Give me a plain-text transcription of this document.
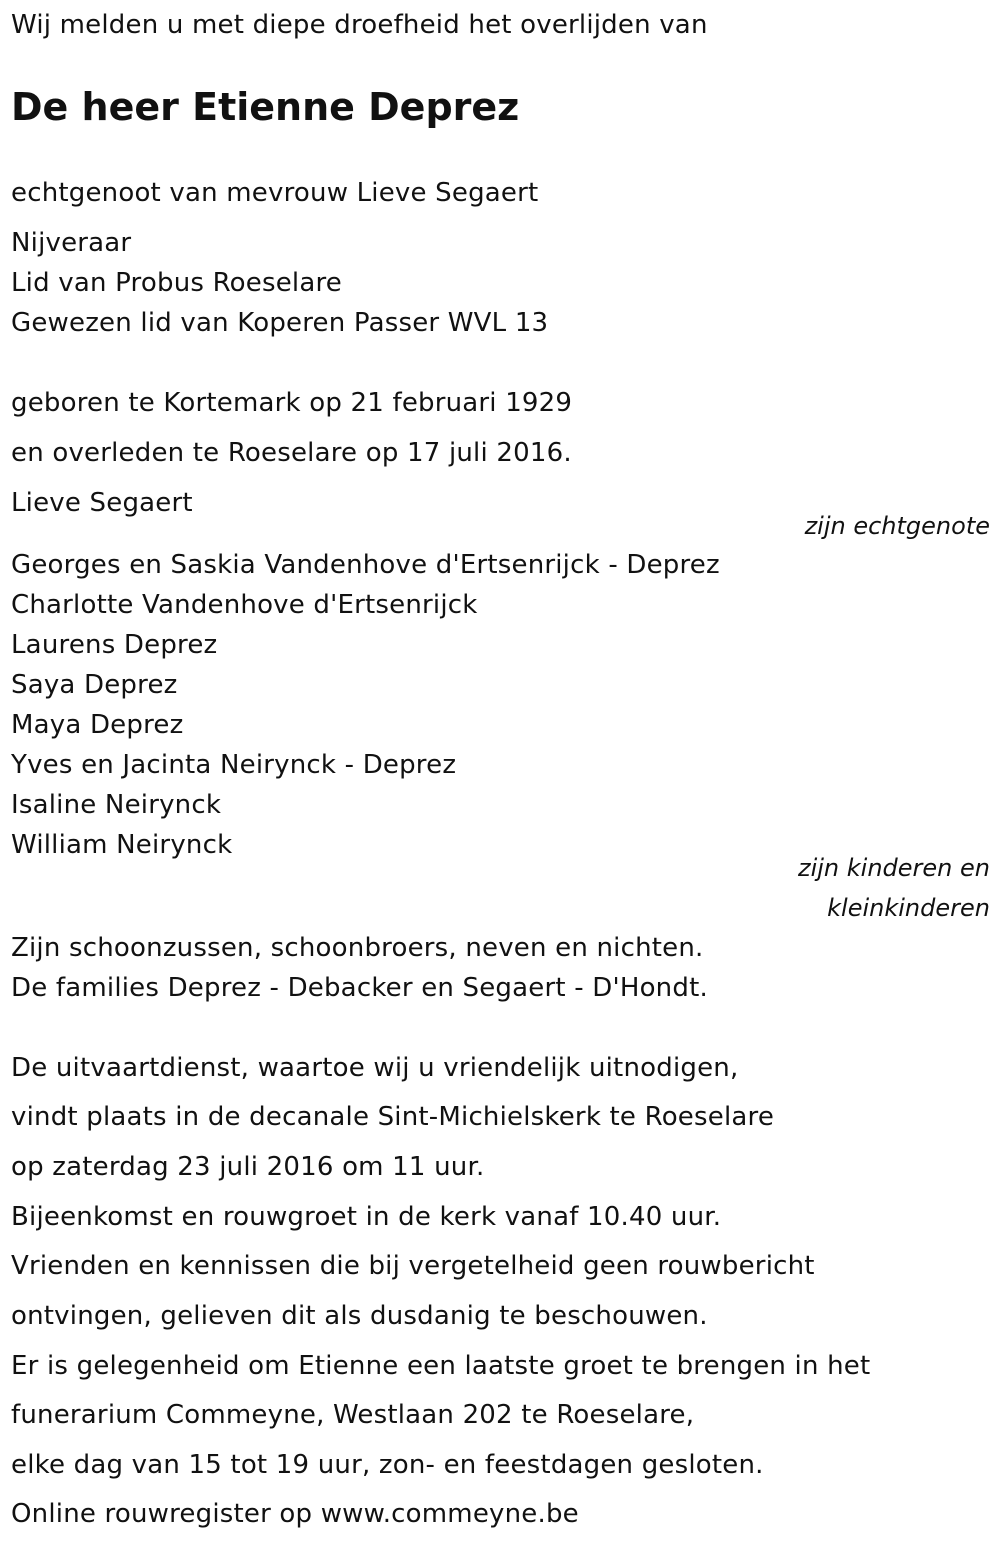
Wij melden u met diepe droefheid het overlijden van
De heer Etienne Deprez
echtgenoot van mevrouw Lieve Segaert
Nijveraar
Lid van Probus Roeselare
Gewezen lid van Koperen Passer WVL 13
geboren te Kortemark op 21 februari 1929
en overleden te Roeselare op 17 juli 2016.
Lieve Segaert
zijn echtgenote
Georges en Saskia Vandenhove d'Ertsenrijck - Deprez
Charlotte Vandenhove d'Ertsenrijck
Laurens Deprez
Saya Deprez
Maya Deprez
Yves en Jacinta Neirynck - Deprez
Isaline Neirynck
William Neirynck
zijn kinderen en
kleinkinderen
Zijn schoonzussen, schoonbroers, neven en nichten.
De families Deprez - Debacker en Segaert - D'Hondt.
De uitvaartdienst, waartoe wij u vriendelijk uitnodigen,
vindt plaats in de decanale Sint-Michielskerk te Roeselare
op zaterdag 23 juli 2016 om 11 uur.
Bijeenkomst en rouwgroet in de kerk vanaf 10.40 uur.
Vrienden en kennissen die bij vergetelheid geen rouwbericht
ontvingen, gelieven dit als dusdanig te beschouwen.
Er is gelegenheid om Etienne een laatste groet te brengen in het
funerarium Commeyne, Westlaan 202 te Roeselare,
elke dag van 15 tot 19 uur, zon- en feestdagen gesloten.
Online rouwregister op www.commeyne.be
